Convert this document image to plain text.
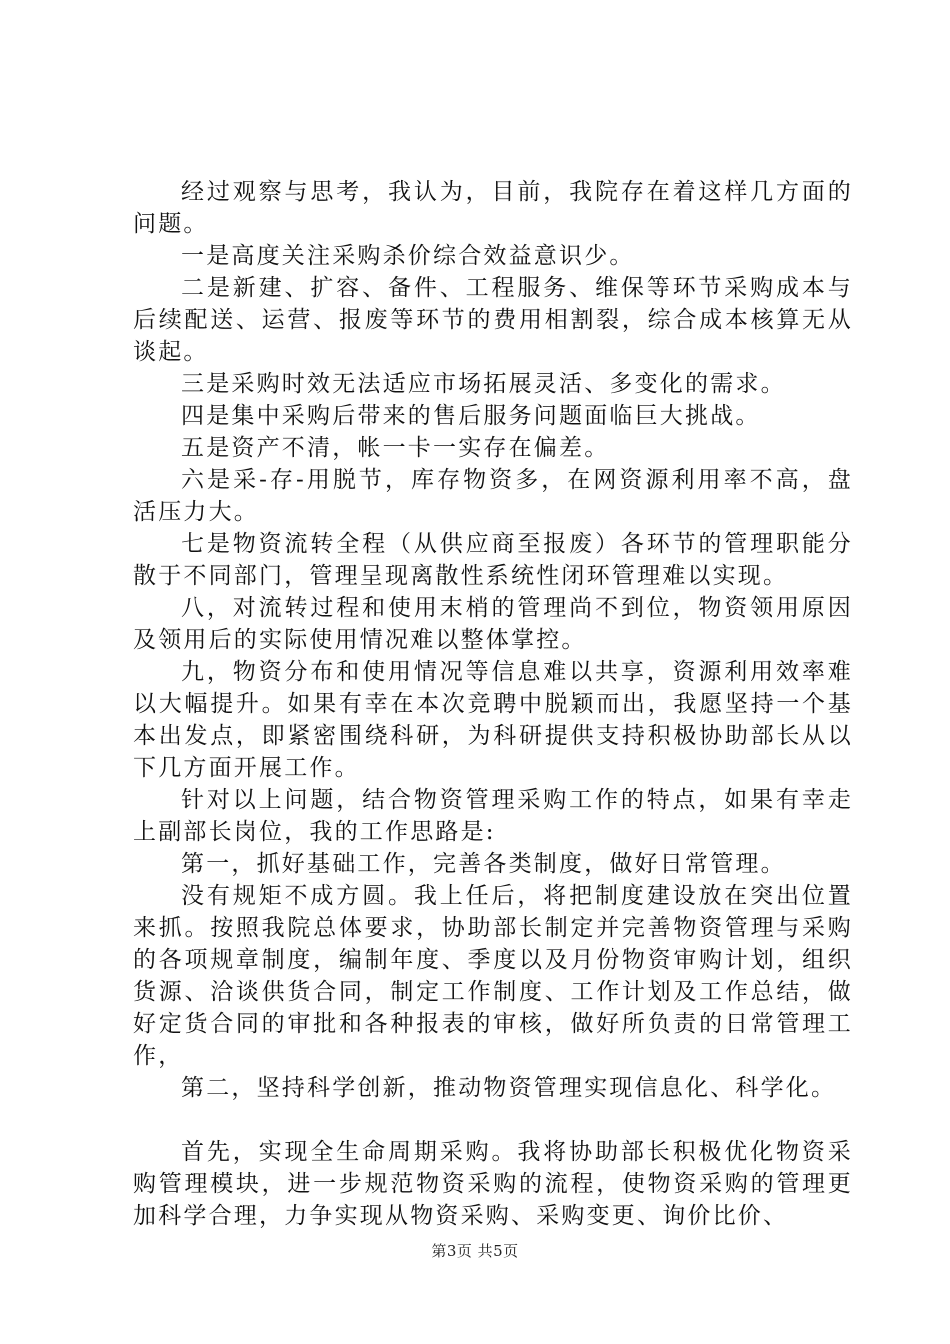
经过观察与思考，我认为，目前，我院存在着这样几方面的问题。

一是高度关注采购杀价综合效益意识少。

二是新建、扩容、备件、工程服务、维保等环节采购成本与后续配送、运营、报废等环节的费用相割裂，综合成本核算无从谈起。

三是采购时效无法适应市场拓展灵活、多变化的需求。

四是集中采购后带来的售后服务问题面临巨大挑战。

五是资产不清，帐一卡一实存在偏差。

六是采-存-用脱节，库存物资多，在网资源利用率不高，盘活压力大。

七是物资流转全程（从供应商至报废）各环节的管理职能分散于不同部门，管理呈现离散性系统性闭环管理难以实现。

八，对流转过程和使用末梢的管理尚不到位，物资领用原因及领用后的实际使用情况难以整体掌控。

九，物资分布和使用情况等信息难以共享，资源利用效率难以大幅提升。如果有幸在本次竞聘中脱颖而出，我愿坚持一个基本出发点，即紧密围绕科研，为科研提供支持积极协助部长从以下几方面开展工作。

针对以上问题，结合物资管理采购工作的特点，如果有幸走上副部长岗位，我的工作思路是:

第一，抓好基础工作，完善各类制度，做好日常管理。

没有规矩不成方圆。我上任后，将把制度建设放在突出位置来抓。按照我院总体要求，协助部长制定并完善物资管理与采购的各项规章制度，编制年度、季度以及月份物资审购计划，组织货源、洽谈供货合同，制定工作制度、工作计划及工作总结，做好定货合同的审批和各种报表的审核，做好所负责的日常管理工作，

第二，坚持科学创新，推动物资管理实现信息化、科学化。

首先，实现全生命周期采购。我将协助部长积极优化物资采购管理模块，进一步规范物资采购的流程，使物资采购的管理更加科学合理，力争实现从物资采购、采购变更、询价比价、

第3页 共5页
